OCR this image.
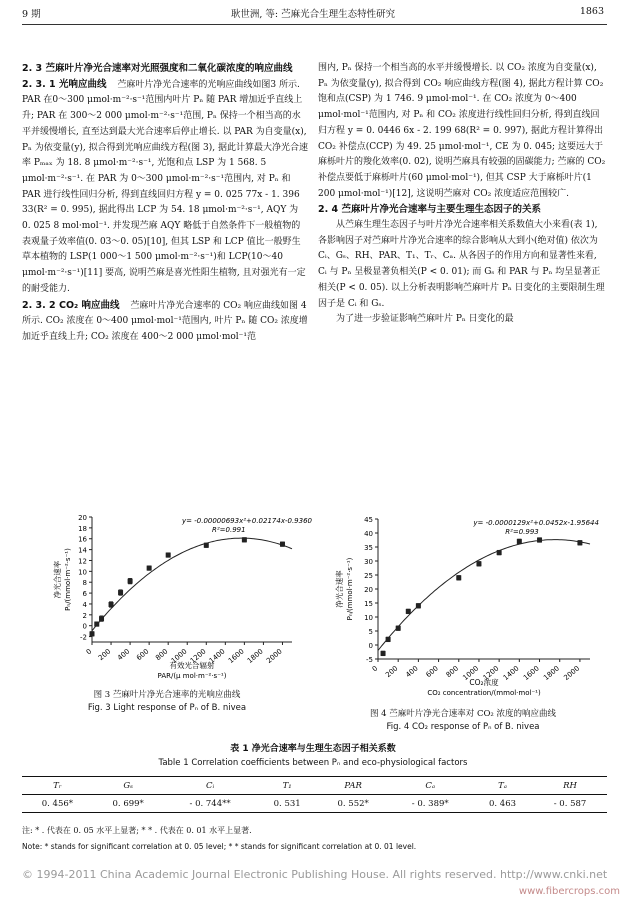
9 期	耿世洲, 等: 苎麻光合生理生态特性研究	1863

2. 3 苎麻叶片净光合速率对光照强度和二氧化碳浓度的响应曲线

2. 3. 1 光响应曲线 苎麻叶片净光合速率的光响应曲线如图3 所示. PAR 在0～300 μmol·m⁻²·s⁻¹范围内叶片 Pₙ 随 PAR 增加近乎直线上升; PAR 在 300～2 000 μmol·m⁻²·s⁻¹范围, Pₙ 保持一个相当高的水平并缓慢增长, 直至达到最大光合速率后停止增长. 以 PAR 为自变量(x), Pₙ 为依变量(y), 拟合得到光响应曲线方程(图 3), 据此计算最大净光合速率 Pₘₐₓ 为 18. 8 μmol·m⁻²·s⁻¹, 光饱和点 LSP 为 1 568. 5 μmol·m⁻²·s⁻¹. 在 PAR 为 0～300 μmol·m⁻²·s⁻¹范围内, 对 Pₙ 和 PAR 进行线性回归分析, 得到直线回归方程 y = 0. 025 77x - 1. 396 33(R² = 0. 995), 据此得出 LCP 为 54. 18 μmol·m⁻²·s⁻¹, AQY 为 0. 025 8 mol·mol⁻¹. 并发现苎麻 AQY 略低于自然条件下一般植物的表观量子效率值(0. 03～0. 05)[10], 但其 LSP 和 LCP 值比一般野生草本植物的 LSP(1 000～1 500 μmol·m⁻²·s⁻¹)和 LCP(10～40 μmol·m⁻²·s⁻¹)[11] 要高, 说明苎麻是喜光性阳生植物, 且对强光有一定的耐受能力.

2. 3. 2 CO₂ 响应曲线 苎麻叶片净光合速率的 CO₂ 响应曲线如图 4 所示. CO₂ 浓度在 0～400 μmol·mol⁻¹范围内, 叶片 Pₙ 随 CO₂ 浓度增加近乎直线上升; CO₂ 浓度在 400～2 000 μmol·mol⁻¹范

围内, Pₙ 保持一个相当高的水平并缓慢增长. 以 CO₂ 浓度为自变量(x), Pₙ 为依变量(y), 拟合得到 CO₂ 响应曲线方程(图 4), 据此方程计算 CO₂ 饱和点(CSP) 为 1 746. 9 μmol·mol⁻¹. 在 CO₂ 浓度为 0～400 μmol·mol⁻¹范围内, 对 Pₙ 和 CO₂ 浓度进行线性回归分析, 得到直线回归方程 y = 0. 0446 6x - 2. 199 68(R² = 0. 997), 据此方程计算得出 CO₂ 补偿点(CCP) 为 49. 25 μmol·mol⁻¹, CE 为 0. 045; 这要远大于麻栎叶片的羧化效率(0. 02), 说明苎麻具有较强的固碳能力; 苎麻的 CO₂ 补偿点要低于麻栎叶片(60 μmol·mol⁻¹), 但其 CSP 大于麻栎叶片(1 200 μmol·mol⁻¹)[12], 这说明苎麻对 CO₂ 浓度适应范围较广.

2. 4 苎麻叶片净光合速率与主要生理生态因子的关系

从苎麻生理生态因子与叶片净光合速率相关系数值大小来看(表 1), 各影响因子对苎麻叶片净光合速率的综合影响从大到小(绝对值) 依次为 Cᵢ、Gₛ、RH、PAR、T₁、Tᵣ、Cₐ. 从各因子的作用方向和显著性来看, Cᵢ 与 Pₙ 呈极显著负相关(P < 0. 01); 而 Gₛ 和 PAR 与 Pₙ 均呈显著正相关(P < 0. 05). 以上分析表明影响苎麻叶片 Pₙ 日变化的主要限制生理因子是 Cᵢ 和 Gₛ.

为了进一步验证影响苎麻叶片 Pₙ 日变化的最

-2
0
2
4
6
8
10
12
14
16
18
20
0 200 400 600 800 1000 1200 1400 1600 1800 2000
y= -0.00000693x²+0.02174x-0.93603,
R²=0.991
净光合速率 Pₙ/(mmol·m⁻²·s⁻¹)
有效光合辐射
PAR/(μ mol·m⁻²·s⁻¹)
图 3 苎麻叶片净光合速率的光响应曲线
Fig. 3 Light response of Pₙ of B. nivea
-5
0
5
10
15
20
25
30
35
40
45
0 200 400 600 800 1000 1200 1400 1600 1800 2000
y= -0.0000129x²+0.0452x-1.95644
R²=0.993
净光合速率 Pₙ/(mmol·m⁻²·s⁻¹)
CO₂浓度
CO₂ concentration/(mmol·mol⁻¹)
图 4 苎麻叶片净光合速率对 CO₂ 浓度的响应曲线
Fig. 4 CO₂ response of Pₙ of B. nivea
表 1 净光合速率与生理生态因子相关系数
Table 1 Correlation coefficients between Pₙ and eco-physiological factors
Tᵣ	Gₛ	Cᵢ	T₁	PAR	Cₐ	Tₐ	RH
0. 456*	0. 699*	- 0. 744**	0. 531	0. 552*	- 0. 389*	0. 463	- 0. 587
注: * . 代表在 0. 05 水平上显著; * * . 代表在 0. 01 水平上显著.
Note: * stands for significant correlation at 0. 05 level; * * stands for significant correlation at 0. 01 level.
© 1994-2011 China Academic Journal Electronic Publishing House. All rights reserved. http://www.cnki.net
www.fibercrops.com
